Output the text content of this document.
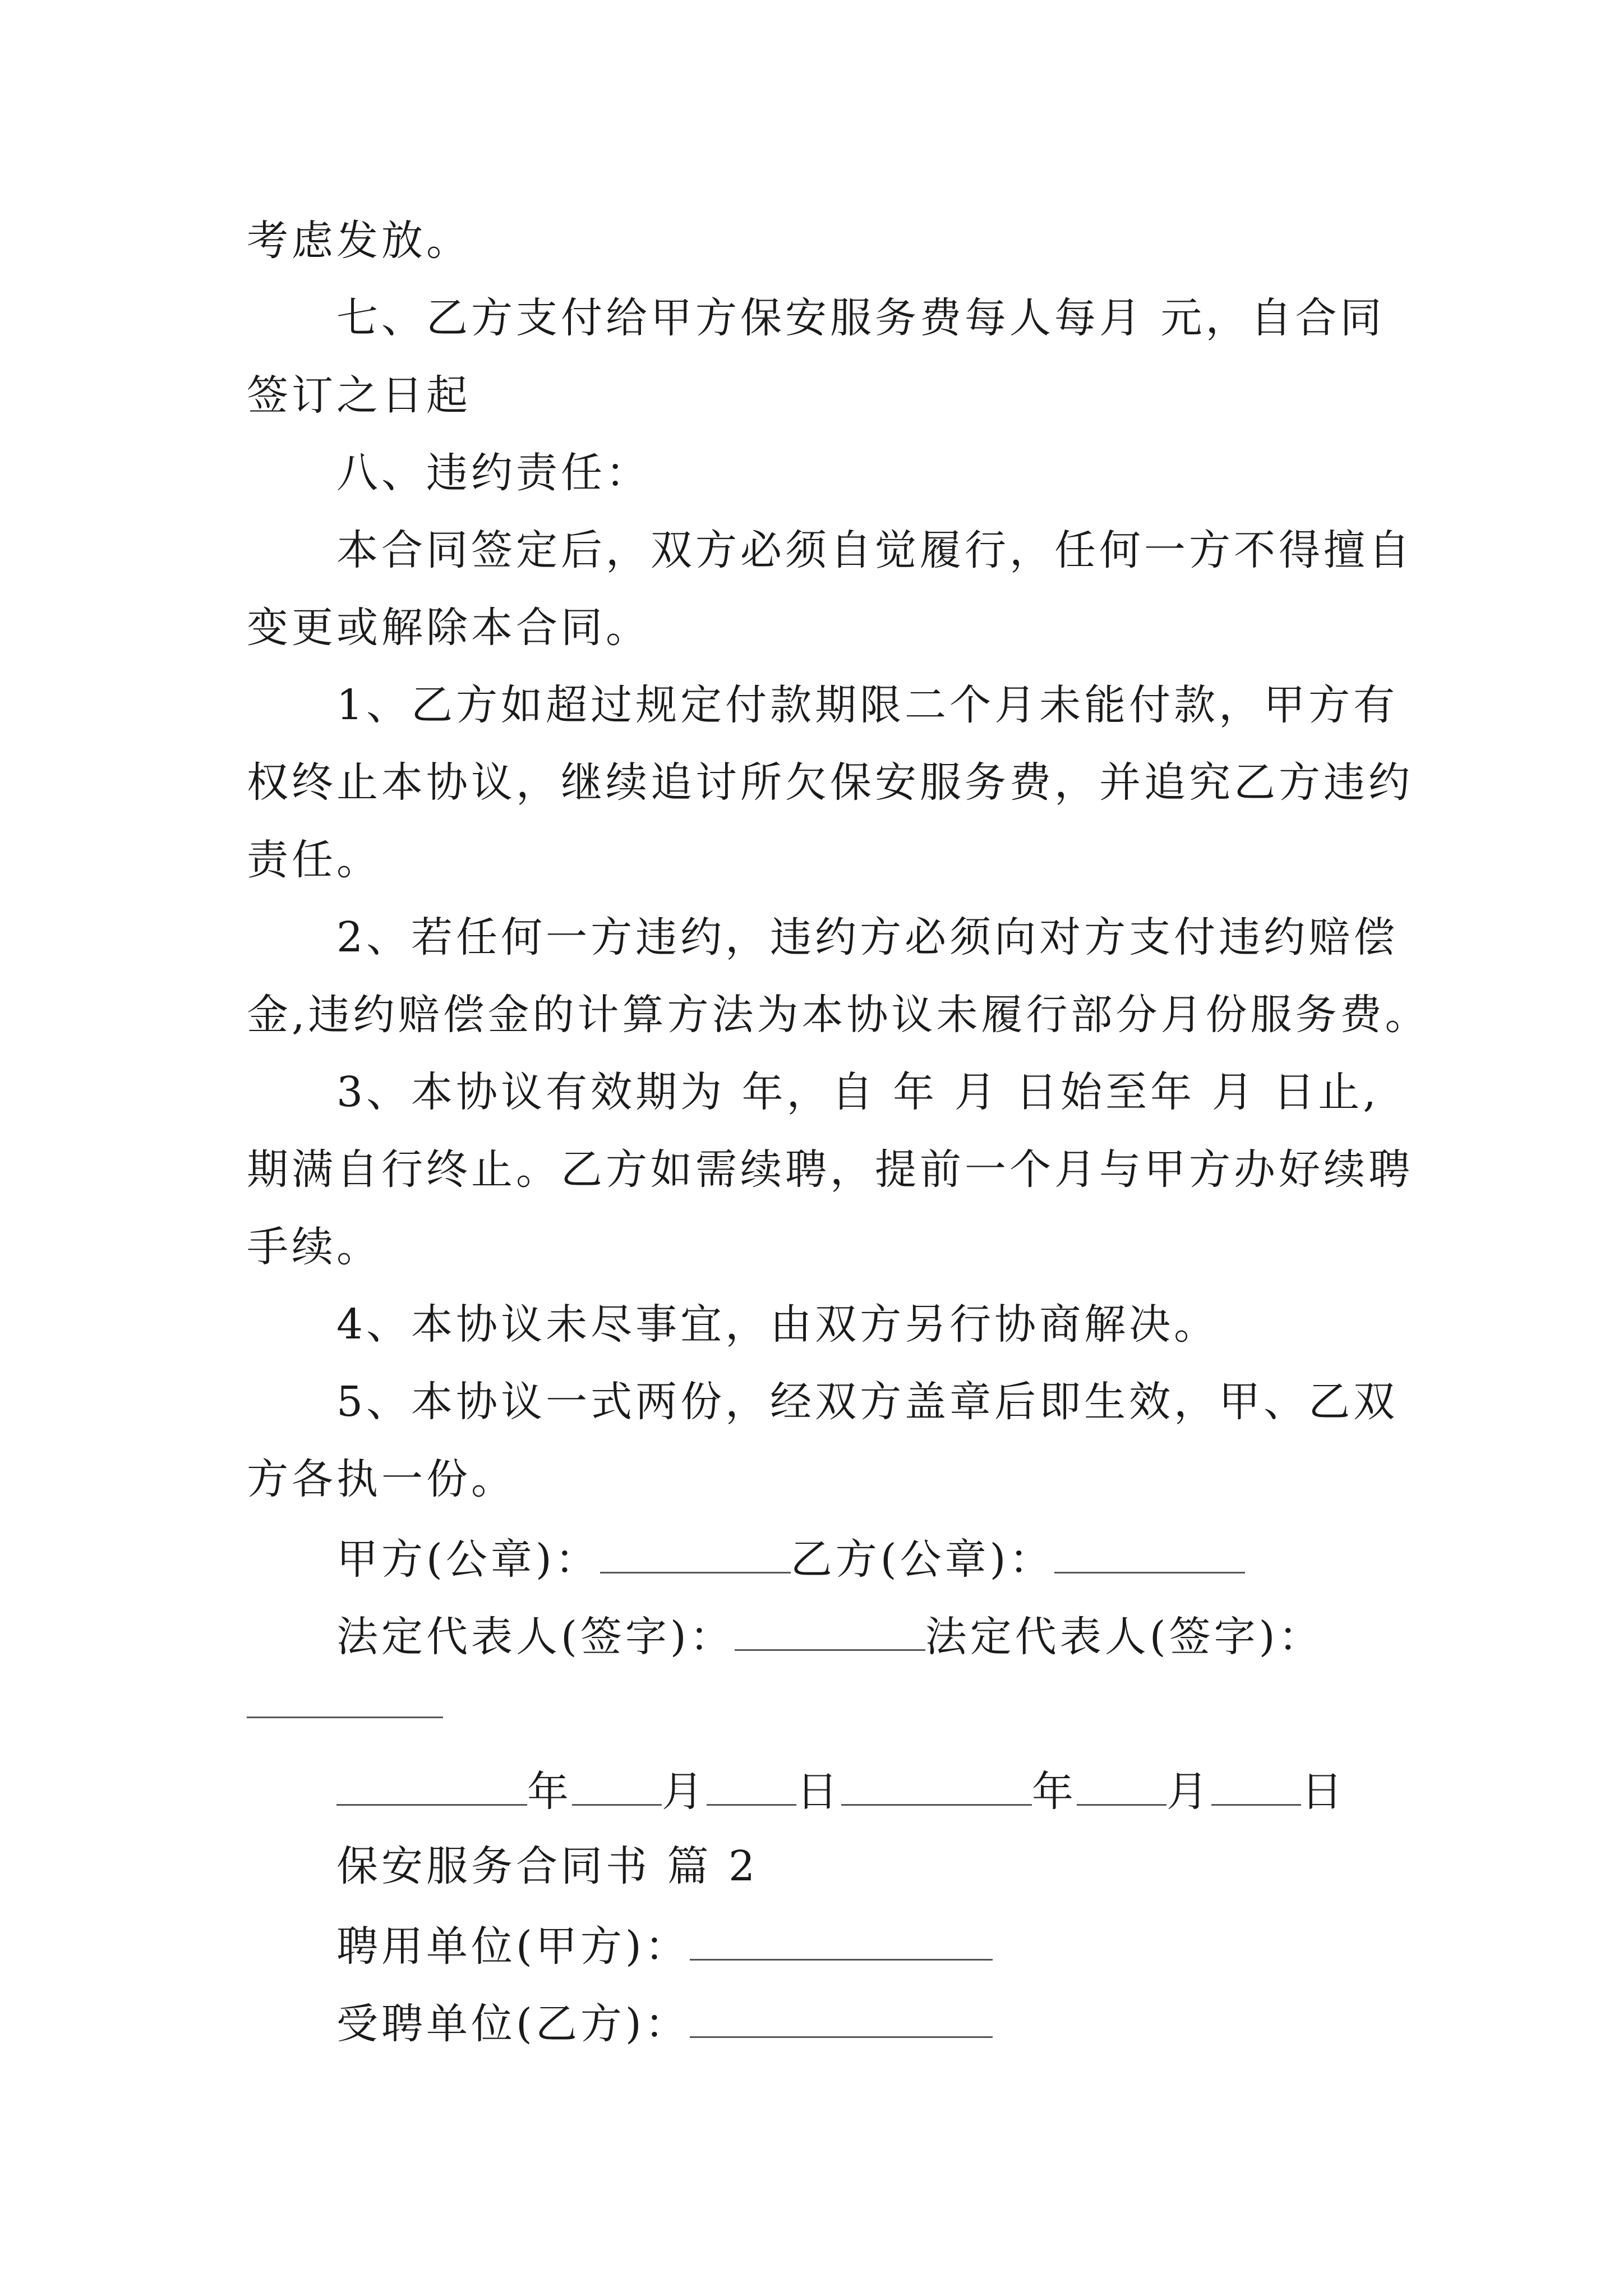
考虑发放。
七、乙方支付给甲方保安服务费每人每月 元，自合同
签订之日起
八、违约责任：
本合同签定后，双方必须自觉履行，任何一方不得擅自
变更或解除本合同。
1、乙方如超过规定付款期限二个月未能付款，甲方有
权终止本协议，继续追讨所欠保安服务费，并追究乙方违约
责任。
2、若任何一方违约，违约方必须向对方支付违约赔偿
金,违约赔偿金的计算方法为本协议未履行部分月份服务费。
3、本协议有效期为 年，自 年 月 日始至年 月 日止,
期满自行终止。乙方如需续聘，提前一个月与甲方办好续聘
手续。
4、本协议未尽事宜，由双方另行协商解决。
5、本协议一式两份，经双方盖章后即生效，甲、乙双
方各执一份。
甲方(公章)：	乙方(公章)：
法定代表人(签字)：	法定代表人(签字)：
年 月 日	年 月 日
保安服务合同书 篇 2
聘用单位(甲方)：
受聘单位(乙方)：
